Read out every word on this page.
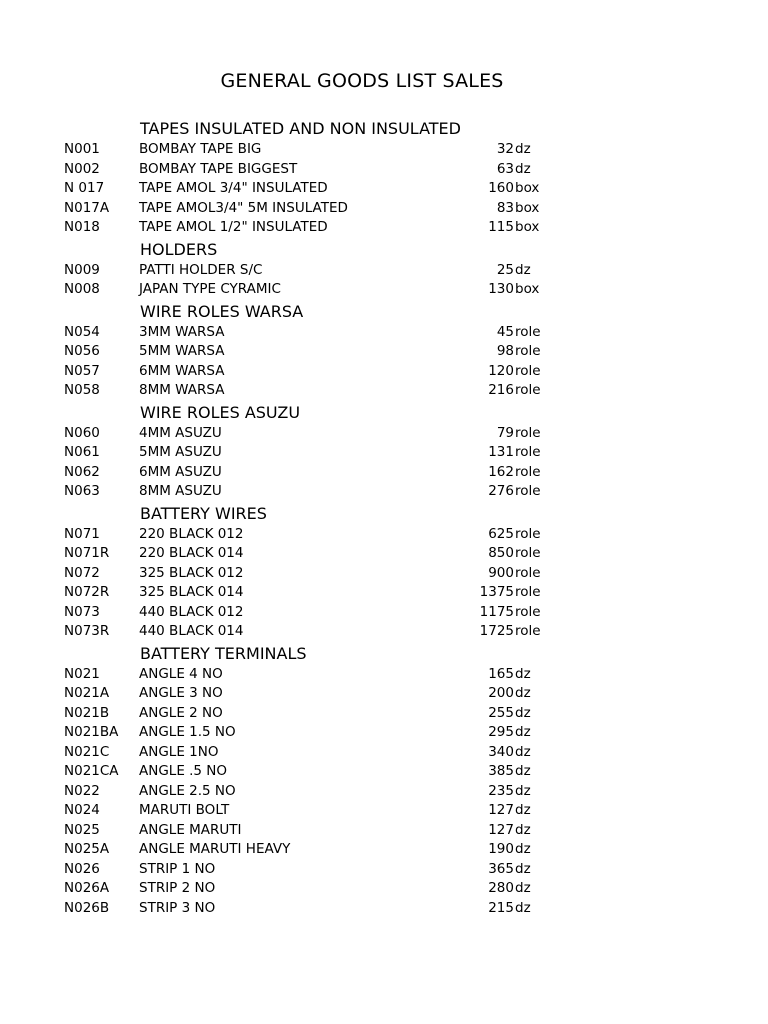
GENERAL GOODS LIST SALES
TAPES INSULATED AND NON INSULATED
N001	BOMBAY TAPE BIG	32 dz
N002	BOMBAY TAPE BIGGEST	63 dz
N 017	TAPE AMOL 3/4" INSULATED	160 box
N017A TAPE AMOL3/4" 5M INSULATED	83 box
N018	TAPE AMOL 1/2" INSULATED	115 box
HOLDERS
N009	PATTI HOLDER S/C	25 dz
N008	JAPAN TYPE CYRAMIC	130 box
WIRE ROLES WARSA
N054	3MM WARSA	45 role
N056	5MM WARSA	98 role
N057	6MM WARSA	120 role
N058	8MM WARSA	216 role
WIRE ROLES ASUZU
N060	4MM ASUZU	79 role
N061	5MM ASUZU	131 role
N062	6MM ASUZU	162 role
N063	8MM ASUZU	276 role
BATTERY WIRES
N071	220 BLACK 012	625 role
N071R 220 BLACK 014	850 role
N072	325 BLACK 012	900 role
N072R 325 BLACK 014	1375 role
N073	440 BLACK 012	1175 role
N073R 440 BLACK 014	1725 role
BATTERY TERMINALS
N021	ANGLE 4 NO	165 dz
N021A ANGLE 3 NO	200 dz
N021B ANGLE 2 NO	255 dz
N021BA ANGLE 1.5 NO	295 dz
N021C ANGLE 1NO	340 dz
N021CA ANGLE .5 NO	385 dz
N022	ANGLE 2.5 NO	235 dz
N024	MARUTI BOLT	127 dz
N025	ANGLE MARUTI	127 dz
N025A ANGLE MARUTI HEAVY	190 dz
N026	STRIP 1 NO	365 dz
N026A STRIP 2 NO	280 dz
N026B STRIP 3 NO	215 dz
